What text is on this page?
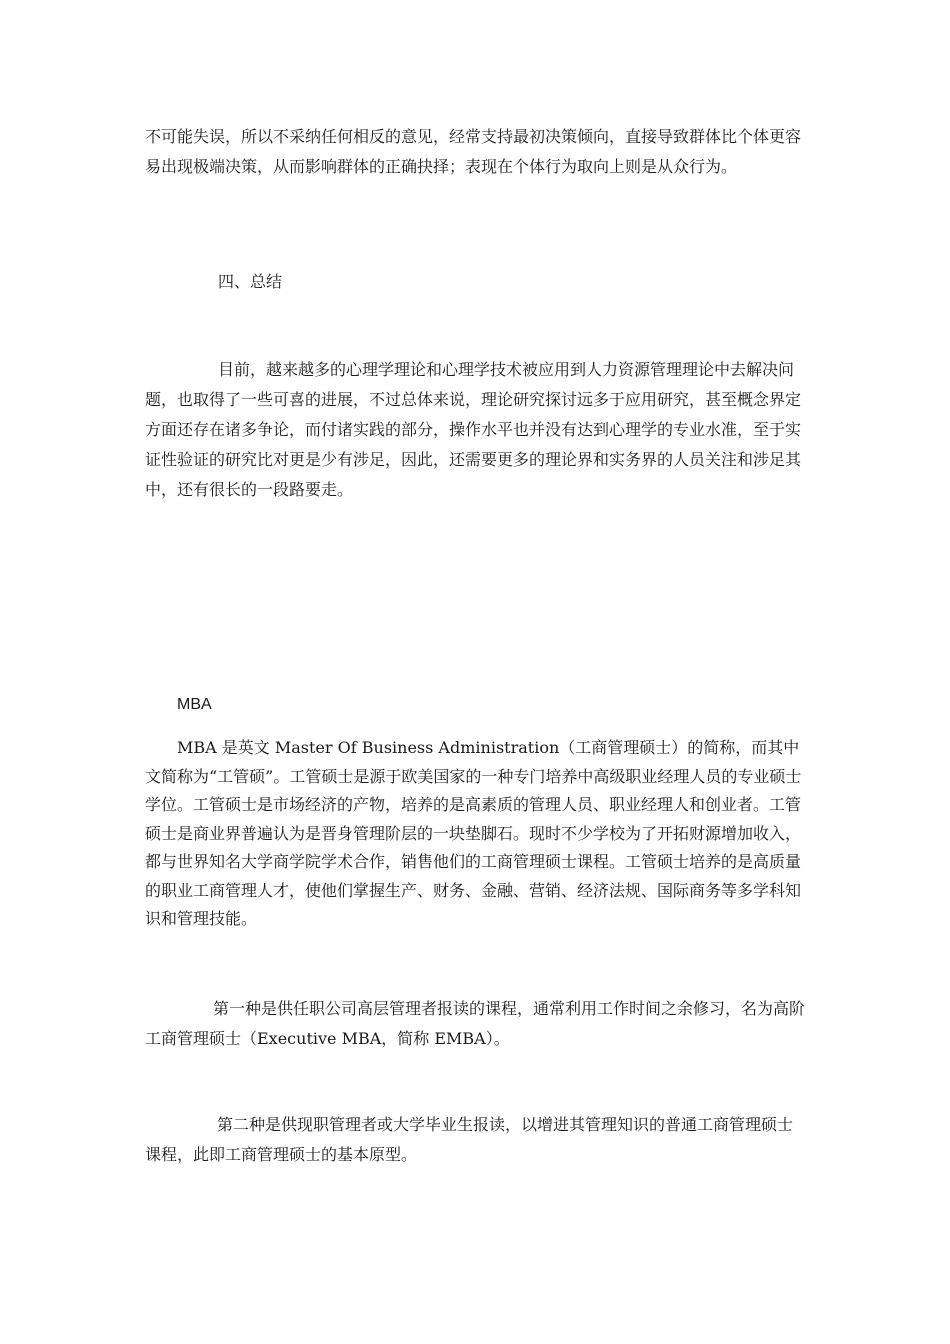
不可能失误，所以不采纳任何相反的意见，经常支持最初决策倾向，直接导致群体比个体更容易出现极端决策，从而影响群体的正确抉择；表现在个体行为取向上则是从众行为。

四、总结

目前，越来越多的心理学理论和心理学技术被应用到人力资源管理理论中去解决问题，也取得了一些可喜的进展，不过总体来说，理论研究探讨远多于应用研究，甚至概念界定方面还存在诸多争论，而付诸实践的部分，操作水平也并没有达到心理学的专业水准，至于实证性验证的研究比对更是少有涉足，因此，还需要更多的理论界和实务界的人员关注和涉足其中，还有很长的一段路要走。

MBA

MBA 是英文 Master Of Business Administration（工商管理硕士）的简称，而其中文简称为“工管硕”。工管硕士是源于欧美国家的一种专门培养中高级职业经理人员的专业硕士学位。工管硕士是市场经济的产物，培养的是高素质的管理人员、职业经理人和创业者。工管硕士是商业界普遍认为是晋身管理阶层的一块垫脚石。现时不少学校为了开拓财源增加收入，都与世界知名大学商学院学术合作，销售他们的工商管理硕士课程。工管硕士培养的是高质量的职业工商管理人才，使他们掌握生产、财务、金融、营销、经济法规、国际商务等多学科知识和管理技能。

第一种是供任职公司高层管理者报读的课程，通常利用工作时间之余修习，名为高阶工商管理硕士（Executive MBA，简称 EMBA）。

第二种是供现职管理者或大学毕业生报读，以增进其管理知识的普通工商管理硕士课程，此即工商管理硕士的基本原型。
